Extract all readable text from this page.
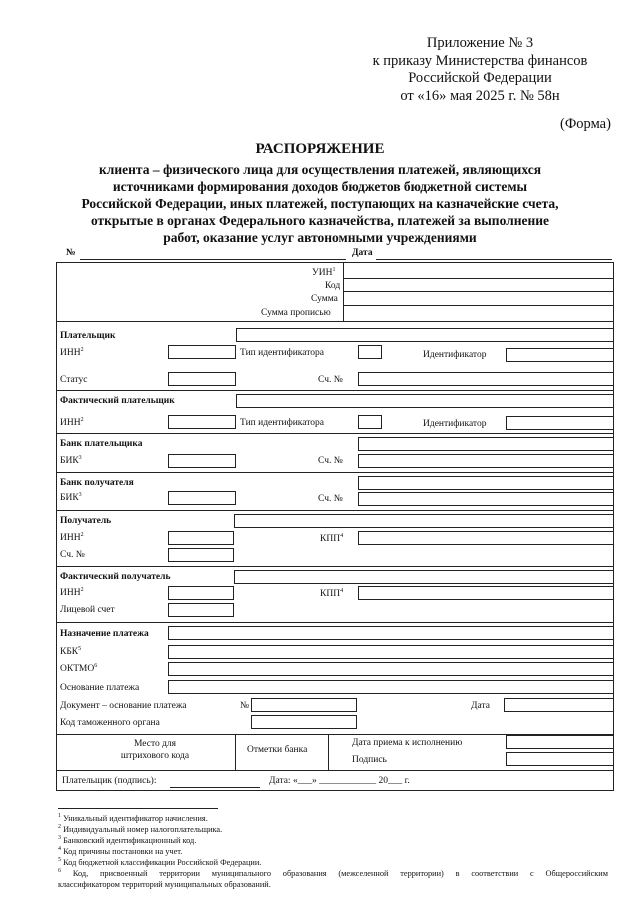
Приложение № 3
к приказу Министерства финансов
Российской Федерации
от «16» мая 2025 г. № 58н
(Форма)
РАСПОРЯЖЕНИЕ
клиента – физического лица для осуществления платежей, являющихся
источниками формирования доходов бюджетов бюджетной системы
Российской Федерации, иных платежей, поступающих на казначейские счета,
открытые в органах Федерального казначейства, платежей за выполнение
работ, оказание услуг автономными учреждениями
№	Дата
УИН$^1$
Код
Сумма
Сумма прописью
Плательщик
ИНН$^2$	Тип идентификатора	Идентификатор
Статус	Сч. №
Фактический плательщик
ИНН$^2$	Тип идентификатора	Идентификатор
Банк плательщика
БИК$^3$	Сч. №
Банк получателя
БИК$^3$	Сч. №
Получатель
ИНН$^2$	КПП$^4$
Сч. №
Фактический получатель
ИНН$^2$	КПП$^4$
Лицевой счет
Назначение платежа
КБК$^5$
ОКТМО$^6$
Основание платежа
Документ – основание платежа	№	Дата
Код таможенного органа
Место для
штрихового кода
Отметки банка
Дата приема к исполнению
Подпись
Плательщик (подпись):	Дата: «___» ____________ 20___ г.
$^1$ Уникальный идентификатор начисления.
$^2$ Индивидуальный номер налогоплательщика.
$^3$ Банковский идентификационный код.
$^4$ Код причины постановки на учет.
$^5$ Код бюджетной классификации Российской Федерации.
$^6$ Код, присвоенный территории муниципального образования (межселенной территории) в соответствии с Общероссийским
классификатором территорий муниципальных образований.
